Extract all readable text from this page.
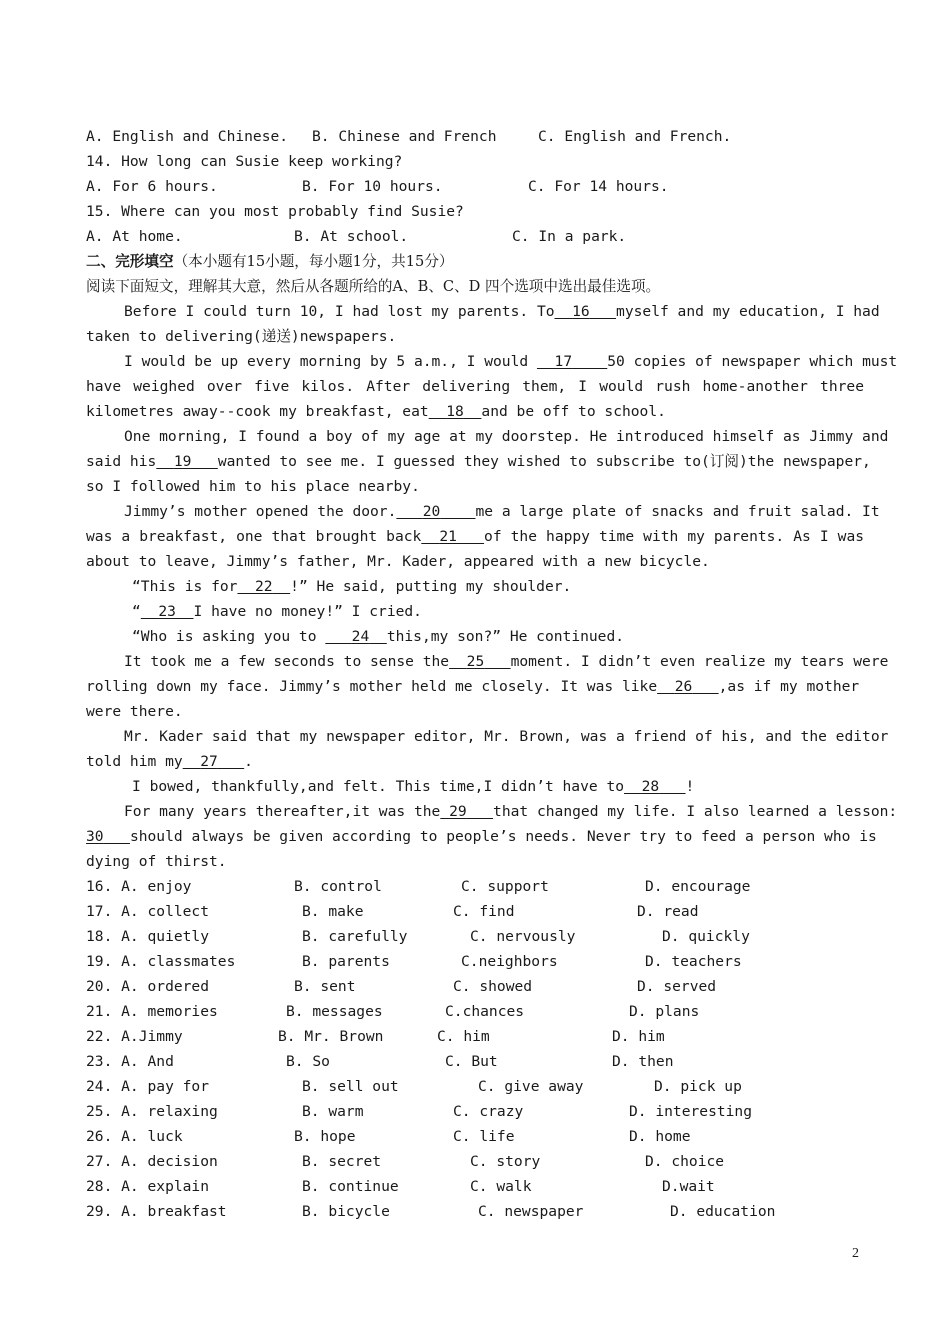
A. English and Chinese. B. Chinese and French	C. English and French.
14. How long can Susie keep working?
A. For 6 hours.	B. For 10 hours.	C. For 14 hours.
15. Where can you most probably find Susie?
A. At home.	B. At school.	C. In a park.
二、完形填空（本小题有15小题，每小题1分，共15分）
阅读下面短文，理解其大意，然后从各题所给的A、B、C、D 四个选项中选出最佳选项。
Before I could turn 10, I had lost my parents. To 16 myself and my education, I had
taken to delivering(递送)newspapers.
I would be up every morning by 5 a.m., I would   17 50 copies of newspaper which must
have weighed over five kilos. After delivering them, I would rush home-another three
kilometres away--cook my breakfast, eat 18 and be off to school.
One morning, I found a boy of my age at my doorstep. He introduced himself as Jimmy and
said his 19 wanted to see me. I guessed they wished to subscribe to(订阅)the newspaper,
so I followed him to his place nearby.
Jimmy’s mother opened the door. 20 me a large plate of snacks and fruit salad. It
was a breakfast, one that brought back 21 of the happy time with my parents. As I was
about to leave, Jimmy’s father, Mr. Kader, appeared with a new bicycle.
“This is for 22 !” He said, putting my shoulder.
“ 23 I have no money!” I cried.
“Who is asking you to    24 this,my son?” He continued.
It took me a few seconds to sense the 25 moment. I didn’t even realize my tears were
rolling down my face. Jimmy’s mother held me closely. It was like 26 ,as if my mother
were there.
Mr. Kader said that my newspaper editor, Mr. Brown, was a friend of his, and the editor
told him my 27 .
I bowed, thankfully,and felt. This time,I didn’t have to 28 !
For many years thereafter,it was the 29 that changed my life. I also learned a lesson:
30 should always be given according to people’s needs. Never try to feed a person who is
dying of thirst.
16. A. enjoy	B. control	C. support	D. encourage
17. A. collect	B. make	C. find	D. read
18. A. quietly	B. carefully	C. nervously	D. quickly
19. A. classmates	B. parents	C.neighbors	D. teachers
20. A. ordered	B. sent	C. showed	D. served
21. A. memories	B. messages	C.chances	D. plans
22. A.Jimmy	B. Mr. Brown	C. him	D. him
23. A. And	B. So	C. But	D. then
24. A. pay for	B. sell out	C. give away	D. pick up
25. A. relaxing	B. warm	C. crazy	D. interesting
26. A. luck	B. hope	C. life	D. home
27. A. decision	B. secret	C. story	D. choice
28. A. explain	B. continue	C. walk	D.wait
29. A. breakfast	B. bicycle	C. newspaper	D. education
2
